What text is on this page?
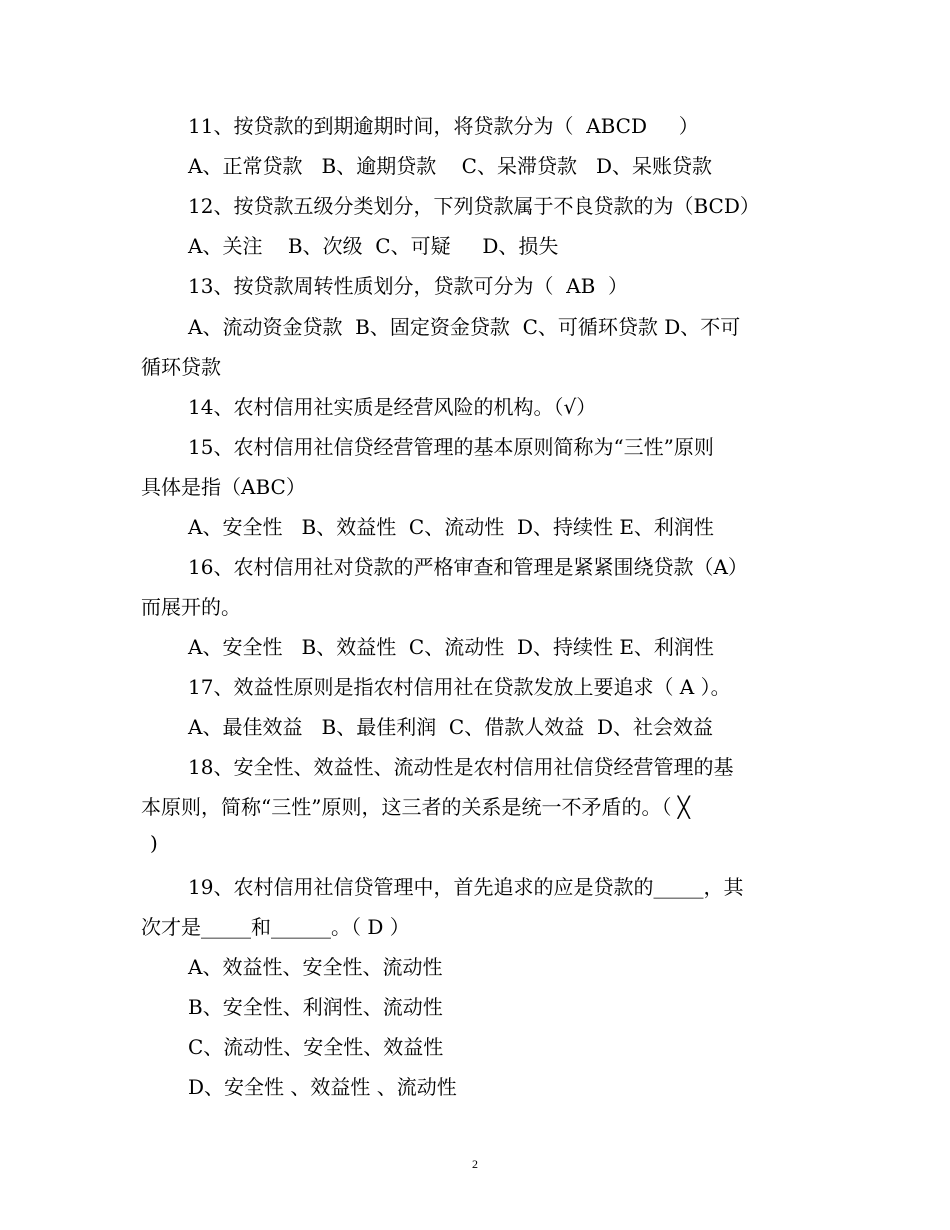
11、按贷款的到期逾期时间，将贷款分为（  ABCD     ）
A、正常贷款   B、逾期贷款    C、呆滞贷款   D、呆账贷款
12、按贷款五级分类划分，下列贷款属于不良贷款的为（BCD）
A、关注    B、次级  C、可疑     D、损失
13、按贷款周转性质划分，贷款可分为（  AB  ）
A、流动资金贷款  B、固定资金贷款  C、可循环贷款 D、不可
循环贷款
14、农村信用社实质是经营风险的机构。（√）
15、农村信用社信贷经营管理的基本原则简称为“三性”原则
具体是指（ABC）
A、安全性   B、效益性  C、流动性  D、持续性 E、利润性
16、农村信用社对贷款的严格审查和管理是紧紧围绕贷款（A）
而展开的。
A、安全性   B、效益性  C、流动性  D、持续性 E、利润性
17、效益性原则是指农村信用社在贷款发放上要追求（ A ）。
A、最佳效益   B、最佳利润  C、借款人效益  D、社会效益
18、安全性、效益性、流动性是农村信用社信贷经营管理的基
本原则，简称“三性”原则，这三者的关系是统一不矛盾的。（ ╳
)
19、农村信用社信贷管理中，首先追求的应是贷款的_____，其
次才是_____和______。（ D ）
A、效益性、安全性、流动性
B、安全性、利润性、流动性
C、流动性、安全性、效益性
D、安全性 、效益性 、流动性
2
